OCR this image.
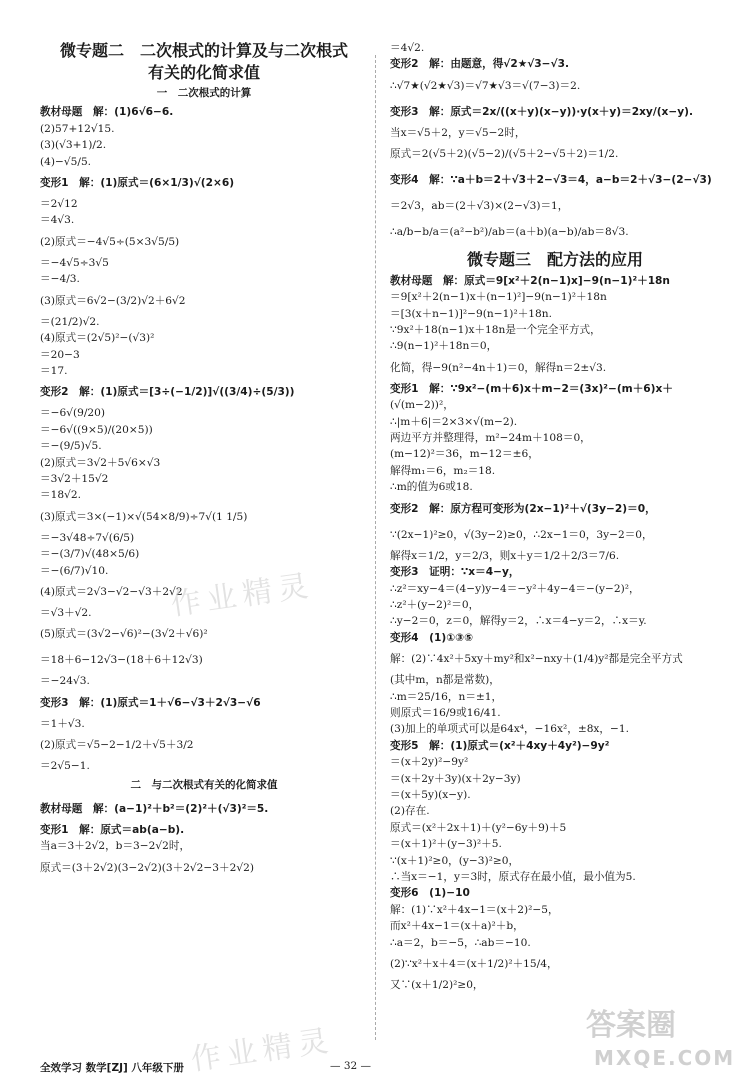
微专题二　二次根式的计算及与二次根式
有关的化简求值
一　二次根式的计算
教材母题　解：(1)6√6−6.
(2)57+12√15.
(3)(√3+1)/2.
(4)−√5/5.
变形1　解：(1)原式＝(6×1/3)√(2×6)
＝2√12
＝4√3.
(2)原式＝−4√5÷(5×3√5/5)
＝−4√5÷3√5
＝−4/3.
(3)原式＝6√2−(3/2)√2＋6√2
＝(21/2)√2.
(4)原式＝(2√5)²−(√3)²
＝20−3
＝17.
变形2　解：(1)原式＝[3÷(−1/2)]√((3/4)÷(5/3))
＝−6√(9/20)
＝−6√((9×5)/(20×5))
＝−(9/5)√5.
(2)原式＝3√2＋5√6×√3
＝3√2＋15√2
＝18√2.
(3)原式＝3×(−1)×√(54×8/9)÷7√(1 1/5)
＝−3√48÷7√(6/5)
＝−(3/7)√(48×5/6)
＝−(6/7)√10.
(4)原式＝2√3−√2−√3＋2√2
＝√3＋√2.
(5)原式＝(3√2−√6)²−(3√2＋√6)²
＝18＋6−12√3−(18＋6＋12√3)
＝−24√3.
变形3　解：(1)原式＝1＋√6−√3＋2√3−√6
＝1＋√3.
(2)原式＝√5−2−1/2＋√5＋3/2
＝2√5−1.
二　与二次根式有关的化简求值
教材母题　解：(a−1)²＋b²＝(2)²＋(√3)²＝5.
变形1　解：原式＝ab(a−b).
当a＝3＋2√2，b＝3−2√2时，
原式＝(3＋2√2)(3−2√2)(3＋2√2−3＋2√2)
＝4√2.
变形2　解：由题意，得√2★√3−√3.
∴√7★(√2★√3)＝√7★√3＝√(7−3)＝2.
变形3　解：原式＝2x/((x＋y)(x−y))·y(x＋y)＝2xy/(x−y).
当x＝√5＋2，y＝√5−2时，
原式＝2(√5＋2)(√5−2)/(√5＋2−√5＋2)＝1/2.
变形4　解：∵a＋b＝2＋√3＋2−√3＝4，a−b＝2＋√3−(2−√3)
＝2√3，ab＝(2＋√3)×(2−√3)＝1，
∴a/b−b/a＝(a²−b²)/ab＝(a＋b)(a−b)/ab＝8√3.
微专题三　配方法的应用
教材母题　解：原式＝9[x²＋2(n−1)x]−9(n−1)²＋18n
＝9[x²＋2(n−1)x＋(n−1)²]−9(n−1)²＋18n
＝[3(x＋n−1)]²−9(n−1)²＋18n.
∵9x²＋18(n−1)x＋18n是一个完全平方式，
∴9(n−1)²＋18n＝0，
化简，得−9(n²−4n＋1)＝0，解得n＝2±√3.
变形1　解：∵9x²−(m＋6)x＋m−2＝(3x)²−(m＋6)x＋
(√(m−2))²，
∴|m＋6|＝2×3×√(m−2).
两边平方并整理得，m²−24m＋108＝0，
(m−12)²＝36，m−12＝±6，
解得m₁＝6，m₂＝18.
∴m的值为6或18.
变形2　解：原方程可变形为(2x−1)²＋√(3y−2)＝0，
∵(2x−1)²≥0，√(3y−2)≥0，∴2x−1＝0，3y−2＝0，
解得x＝1/2，y＝2/3，则x＋y＝1/2＋2/3＝7/6.
变形3　证明：∵x＝4−y，
∴z²＝xy−4＝(4−y)y−4＝−y²＋4y−4＝−(y−2)²，
∴z²＋(y−2)²＝0，
∴y−2＝0，z＝0，解得y＝2，∴x＝4−y＝2，∴x＝y.
变形4　(1)①③⑤
解：(2)∵4x²＋5xy＋my²和x²−nxy＋(1/4)y²都是完全平方式
(其中m，n都是常数)，
∴m＝25/16，n＝±1，
则原式＝16/9或16/41.
(3)加上的单项式可以是64x⁴，−16x²，±8x，−1.
变形5　解：(1)原式＝(x²＋4xy＋4y²)−9y²
＝(x＋2y)²−9y²
＝(x＋2y＋3y)(x＋2y−3y)
＝(x＋5y)(x−y).
(2)存在.
原式＝(x²＋2x＋1)＋(y²−6y＋9)＋5
＝(x＋1)²＋(y−3)²＋5.
∵(x＋1)²≥0，(y−3)²≥0，
∴当x＝−1，y＝3时，原式存在最小值，最小值为5.
变形6　(1)−10
解：(1)∵x²＋4x−1＝(x＋2)²−5，
而x²＋4x−1＝(x＋a)²＋b，
∴a＝2，b＝−5，∴ab＝−10.
(2)∵x²＋x＋4＝(x＋1/2)²＋15/4，
又∵(x＋1/2)²≥0，
作业精灵
作业精灵	答案圈
MXQE.COM
全效学习 数学[ZJ] 八年级下册	— 32 —
